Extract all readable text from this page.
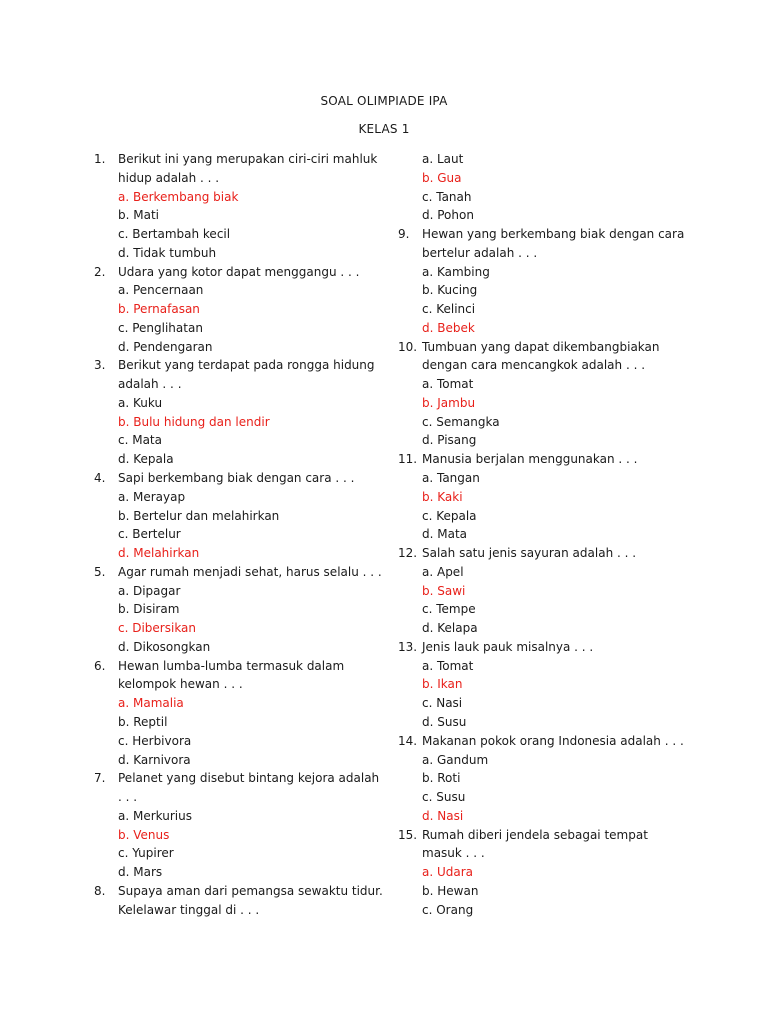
SOAL OLIMPIADE IPA
KELAS 1
1. Berikut ini yang merupakan ciri-ciri mahluk
hidup adalah . . .
a. Berkembang biak
b. Mati
c. Bertambah kecil
d. Tidak tumbuh
2. Udara yang kotor dapat menggangu . . .
a. Pencernaan
b. Pernafasan
c. Penglihatan
d. Pendengaran
3. Berikut yang terdapat pada rongga hidung
adalah . . .
a. Kuku
b. Bulu hidung dan lendir
c. Mata
d. Kepala
4. Sapi berkembang biak dengan cara . . .
a. Merayap
b. Bertelur dan melahirkan
c. Bertelur
d. Melahirkan
5. Agar rumah menjadi sehat, harus selalu . . .
a. Dipagar
b. Disiram
c. Dibersikan
d. Dikosongkan
6. Hewan lumba-lumba termasuk dalam
kelompok hewan . . .
a. Mamalia
b. Reptil
c. Herbivora
d. Karnivora
7. Pelanet yang disebut bintang kejora adalah
. . .
a. Merkurius
b. Venus
c. Yupirer
d. Mars
8. Supaya aman dari pemangsa sewaktu tidur.
Kelelawar tinggal di . . .
a. Laut
b. Gua
c. Tanah
d. Pohon
9. Hewan yang berkembang biak dengan cara
bertelur adalah . . .
a. Kambing
b. Kucing
c. Kelinci
d. Bebek
10. Tumbuan yang dapat dikembangbiakan
dengan cara mencangkok adalah . . .
a. Tomat
b. Jambu
c. Semangka
d. Pisang
11. Manusia berjalan menggunakan . . .
a. Tangan
b. Kaki
c. Kepala
d. Mata
12. Salah satu jenis sayuran adalah . . .
a. Apel
b. Sawi
c. Tempe
d. Kelapa
13. Jenis lauk pauk misalnya . . .
a. Tomat
b. Ikan
c. Nasi
d. Susu
14. Makanan pokok orang Indonesia adalah . . .
a. Gandum
b. Roti
c. Susu
d. Nasi
15. Rumah diberi jendela sebagai tempat
masuk . . .
a. Udara
b. Hewan
c. Orang
